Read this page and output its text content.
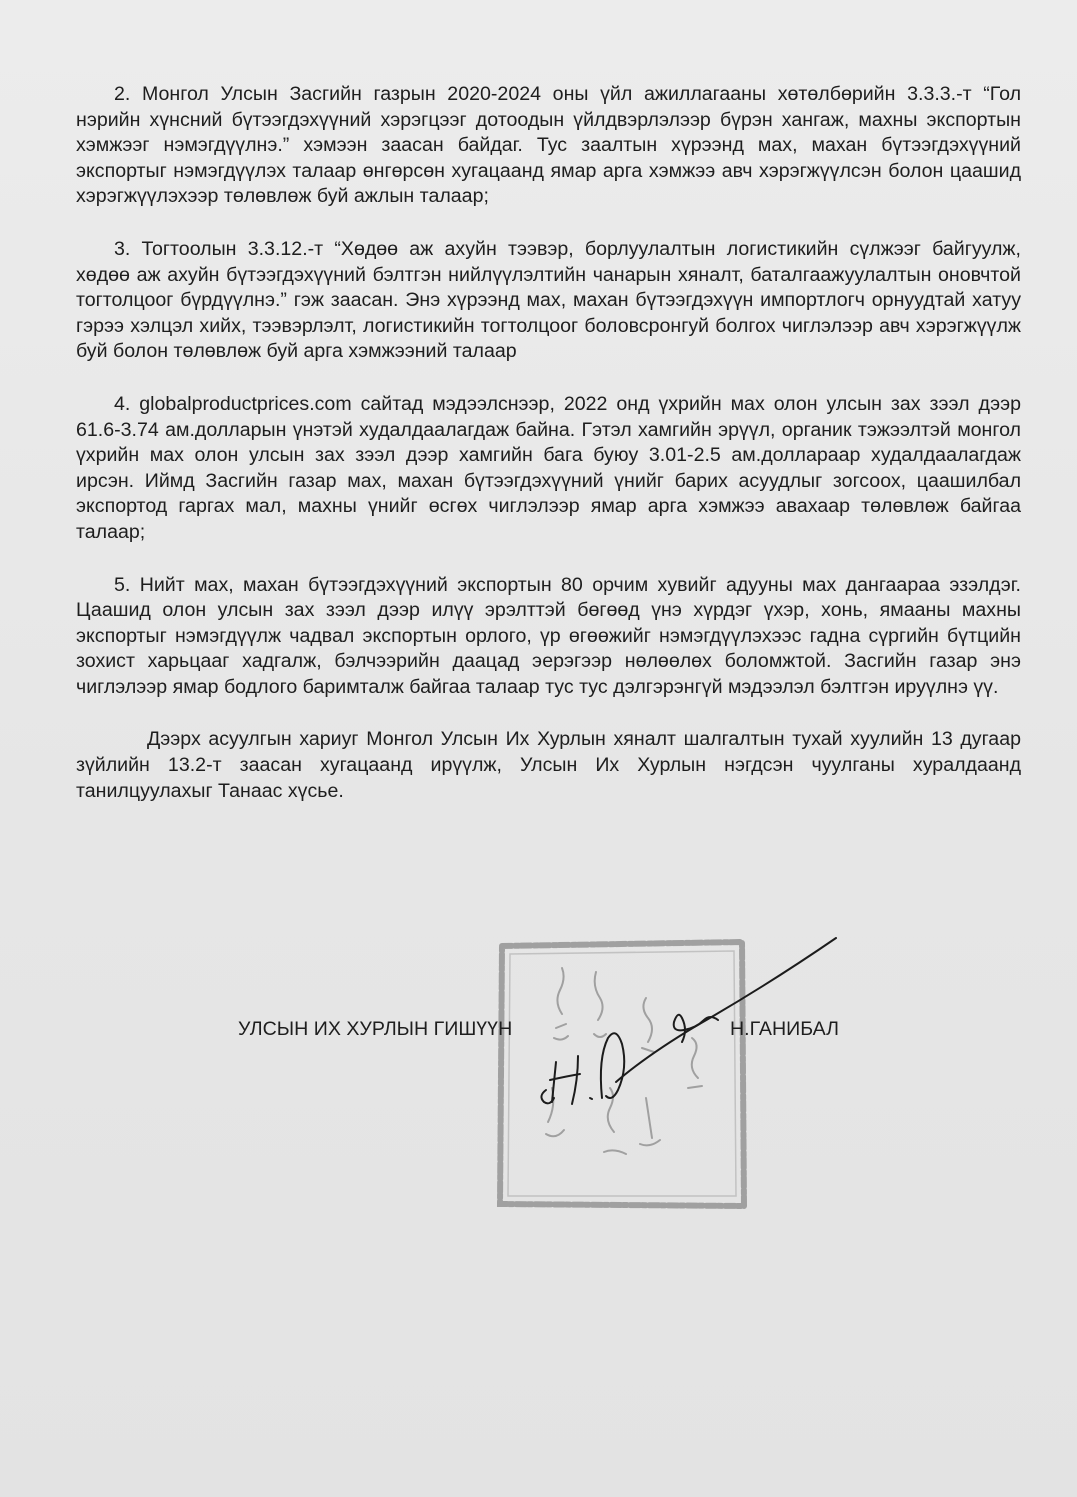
2. Монгол Улсын Засгийн газрын 2020-2024 оны үйл ажиллагааны хөтөлбөрийн 3.3.3.-т “Гол нэрийн хүнсний бүтээгдэхүүний хэрэгцээг дотоодын үйлдвэрлэлээр бүрэн хангаж, махны экспортын хэмжээг нэмэгдүүлнэ.” хэмээн заасан байдаг. Тус заалтын хүрээнд мах, махан бүтээгдэхүүний экспортыг нэмэгдүүлэх талаар өнгөрсөн хугацаанд ямар арга хэмжээ авч хэрэгжүүлсэн болон цаашид хэрэгжүүлэхээр төлөвлөж буй ажлын талаар;

3. Тогтоолын 3.3.12.-т “Хөдөө аж ахуйн тээвэр, борлуулалтын логистикийн сүлжээг байгуулж, хөдөө аж ахуйн бүтээгдэхүүний бэлтгэн нийлүүлэлтийн чанарын хяналт, баталгаажуулалтын оновчтой тогтолцоог бүрдүүлнэ.” гэж заасан. Энэ хүрээнд мах, махан бүтээгдэхүүн импортлогч орнуудтай хатуу гэрээ хэлцэл хийх, тээвэрлэлт, логистикийн тогтолцоог боловсронгуй болгох чиглэлээр авч хэрэгжүүлж буй болон төлөвлөж буй арга хэмжээний талаар

4. globalproductprices.com сайтад мэдээлснээр, 2022 онд үхрийн мах олон улсын зах зээл дээр 61.6-3.74 ам.долларын үнэтэй худалдаалагдаж байна. Гэтэл хамгийн эрүүл, органик тэжээлтэй монгол үхрийн мах олон улсын зах зээл дээр хамгийн бага буюу 3.01-2.5 ам.доллараар худалдаалагдаж ирсэн. Иймд Засгийн газар мах, махан бүтээгдэхүүний үнийг барих асуудлыг зогсоох, цаашилбал экспортод гаргах мал, махны үнийг өсгөх чиглэлээр ямар арга хэмжээ авахаар төлөвлөж байгаа талаар;

5. Нийт мах, махан бүтээгдэхүүний экспортын 80 орчим хувийг адууны мах дангаараа эзэлдэг. Цаашид олон улсын зах зээл дээр илүү эрэлттэй бөгөөд үнэ хүрдэг үхэр, хонь, ямааны махны экспортыг нэмэгдүүлж чадвал экспортын орлого, үр өгөөжийг нэмэгдүүлэхээс гадна сүргийн бүтцийн зохист харьцааг хадгалж, бэлчээрийн даацад эерэгээр нөлөөлөх боломжтой. Засгийн газар энэ чиглэлээр ямар бодлого баримталж байгаа талаар тус тус дэлгэрэнгүй мэдээлэл бэлтгэн ируүлнэ үү.

Дээрх асуулгын хариуг Монгол Улсын Их Хурлын хяналт шалгалтын тухай хуулийн 13 дугаар зүйлийн 13.2-т заасан хугацаанд ирүүлж, Улсын Их Хурлын нэгдсэн чуулганы хуралдаанд танилцуулахыг Танаас хүсье.

УЛСЫН ИХ ХУРЛЫН ГИШҮҮН	Н.ГАНИБАЛ
